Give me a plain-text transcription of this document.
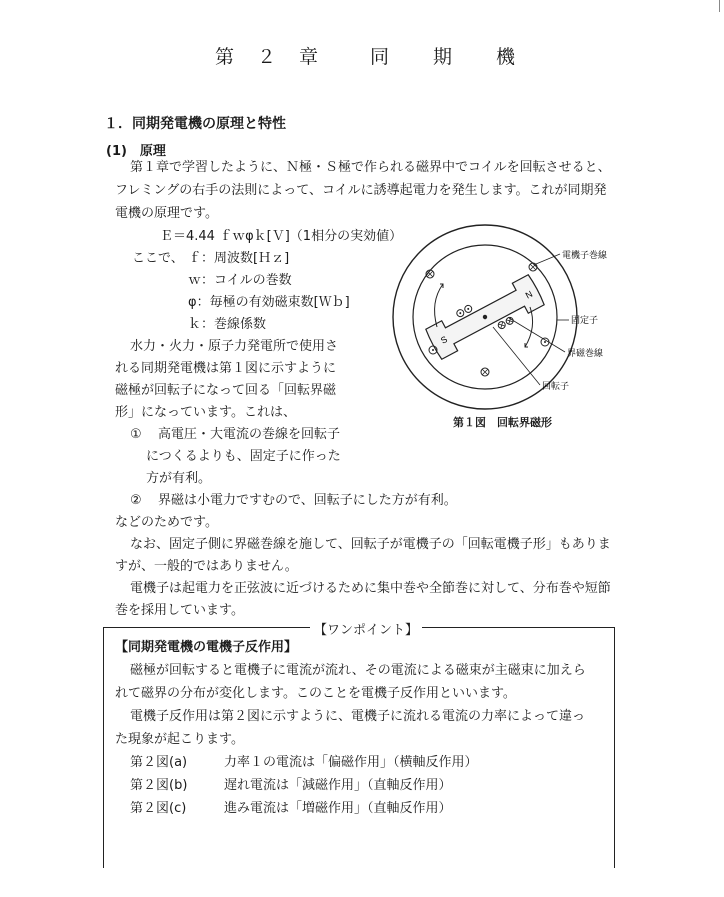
第　２　章	同　　期　　機
１．同期発電機の原理と特性
(1)　原理
第１章で学習したように、Ｎ極・Ｓ極で作られる磁界中でコイルを回転させると、
フレミングの右手の法則によって、コイルに誘導起電力を発生します。これが同期発
電機の原理です。
Ｅ＝4.44 ｆｗφｋ[Ｖ]（1相分の実効値）
ここで、 ｆ：周波数[Ｈｚ]
ｗ：コイルの巻数
φ：毎極の有効磁束数[Ｗｂ]
ｋ：巻線係数
水力・火力・原子力発電所で使用さ
れる同期発電機は第１図に示すように
磁極が回転子になって回る「回転界磁
形」になっています。これは、
① 高電圧・大電流の巻線を回転子
につくるよりも、固定子に作った
方が有利。
② 界磁は小電力ですむので、回転子にした方が有利。
などのためです。
なお、固定子側に界磁巻線を施して、回転子が電機子の「回転電機子形」もありま
すが、一般的ではありません。
電機子は起電力を正弦波に近づけるために集中巻や全節巻に対して、分布巻や短節
巻を採用しています。
N
S
電機子巻線
固定子
界磁巻線
回転子
第１図　回転界磁形
【ワンポイント】
【同期発電機の電機子反作用】
磁極が回転すると電機子に電流が流れ、その電流による磁束が主磁束に加えら
れて磁界の分布が変化します。このことを電機子反作用といいます。
電機子反作用は第２図に示すように、電機子に流れる電流の力率によって違っ
た現象が起こります。
第２図(a)	力率１の電流は「偏磁作用」（横軸反作用）
第２図(b)	遅れ電流は「減磁作用」（直軸反作用）
第２図(c)	進み電流は「増磁作用」（直軸反作用）
